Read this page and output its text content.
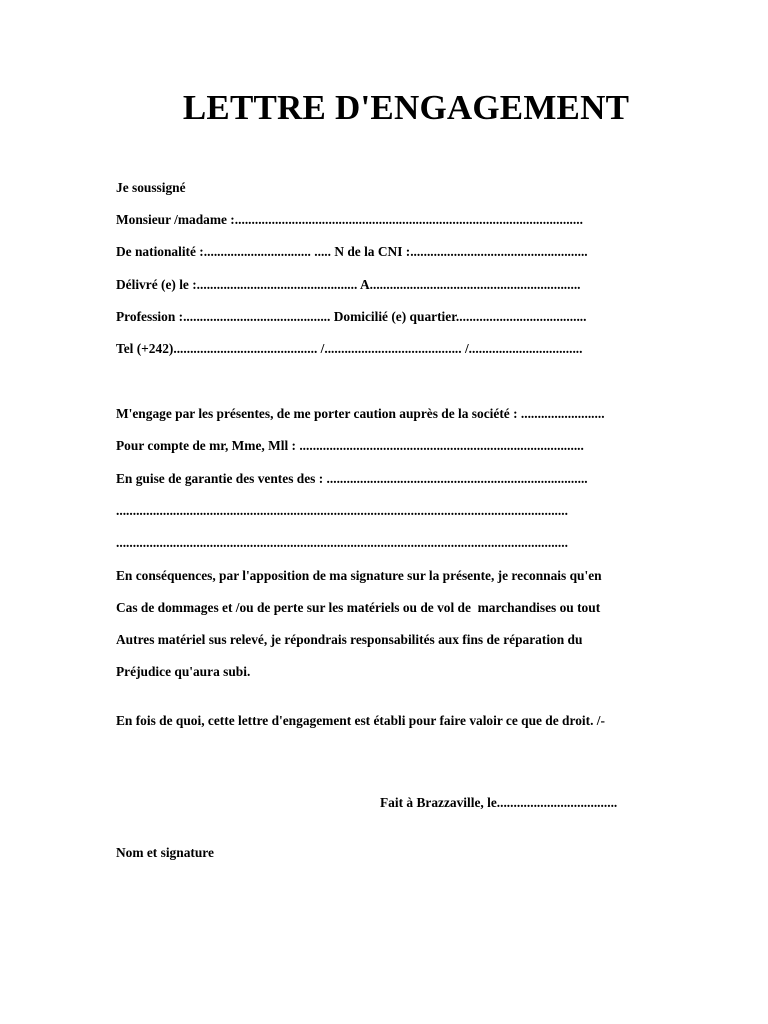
LETTRE D'ENGAGEMENT
Je soussigné
Monsieur /madame :........................................................................................................
De nationalité :................................ ..... N de la CNI :.....................................................
Délivré (e) le :................................................ A...............................................................
Profession :............................................ Domicilié (e) quartier.......................................
Tel (+242)........................................... /......................................... /..................................
M'engage par les présentes, de me porter caution auprès de la société : .........................
Pour compte de mr, Mme, Mll : .....................................................................................
En guise de garantie des ventes des : ..............................................................................
.......................................................................................................................................
.......................................................................................................................................
En conséquences, par l'apposition de ma signature sur la présente, je reconnais qu'en
Cas de dommages et /ou de perte sur les matériels ou de vol de  marchandises ou tout
Autres matériel sus relevé, je répondrais responsabilités aux fins de réparation du
Préjudice qu'aura subi.
En fois de quoi, cette lettre d'engagement est établi pour faire valoir ce que de droit. /-
Fait à Brazzaville, le....................................
Nom et signature
